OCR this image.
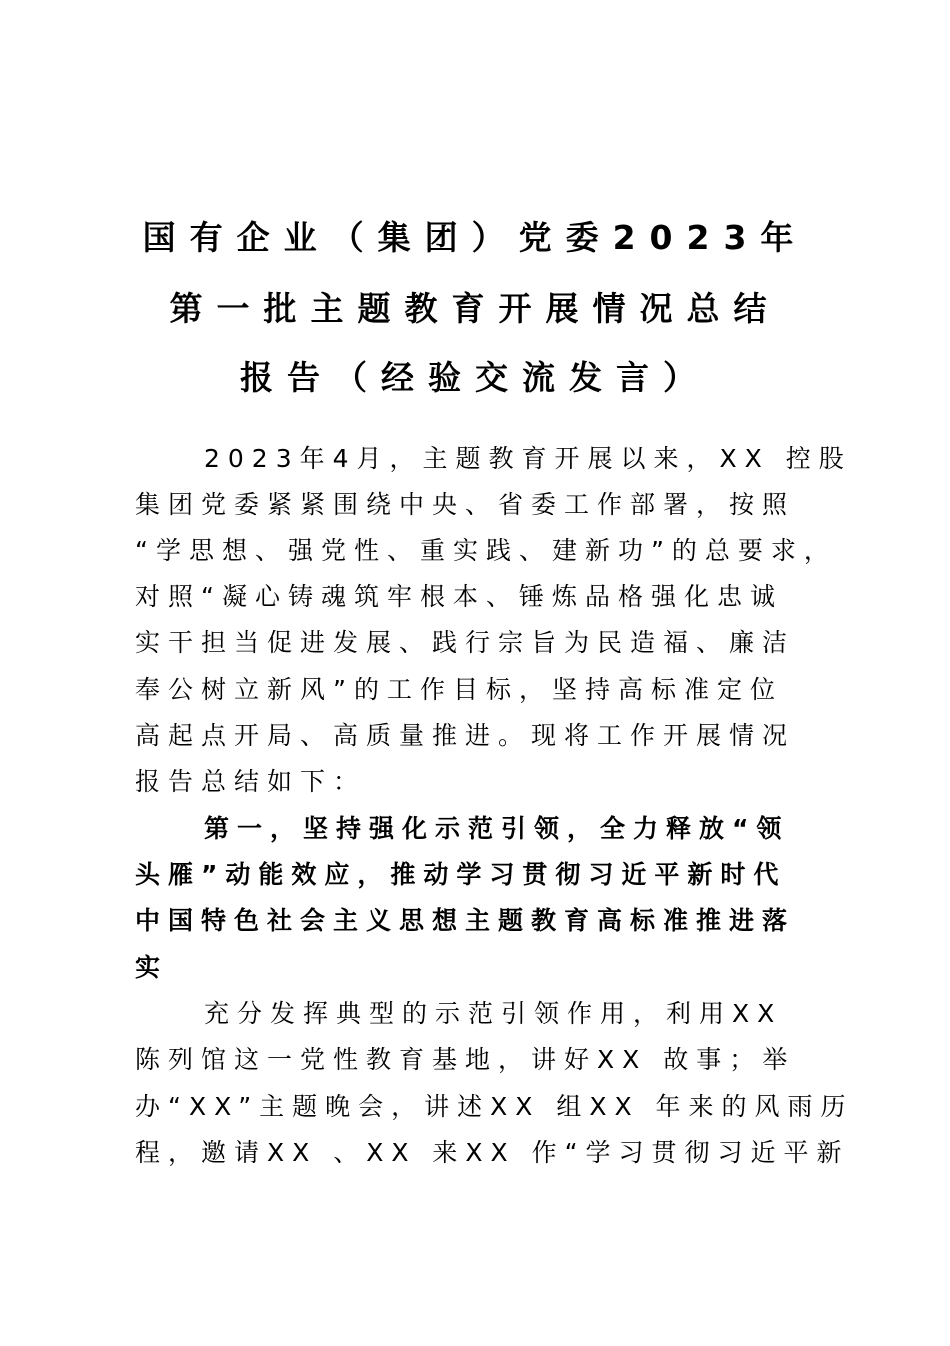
国有企业（集团）党委2023年
第一批主题教育开展情况总结
报告（经验交流发言）
2023年4月，主题教育开展以来，XX 控股
集团党委紧紧围绕中央、省委工作部署，按照
“学思想、强党性、重实践、建新功”的总要求，
对照“凝心铸魂筑牢根本、锤炼品格强化忠诚
实干担当促进发展、践行宗旨为民造福、廉洁
奉公树立新风”的工作目标，坚持高标准定位
高起点开局、高质量推进。现将工作开展情况
报告总结如下：
第一，坚持强化示范引领，全力释放“领
头雁”动能效应，推动学习贯彻习近平新时代
中国特色社会主义思想主题教育高标准推进落
实
充分发挥典型的示范引领作用，利用XX
陈列馆这一党性教育基地，讲好XX 故事；举
办“XX”主题晚会，讲述XX 组XX 年来的风雨历
程，邀请XX 、XX 来XX 作“学习贯彻习近平新
